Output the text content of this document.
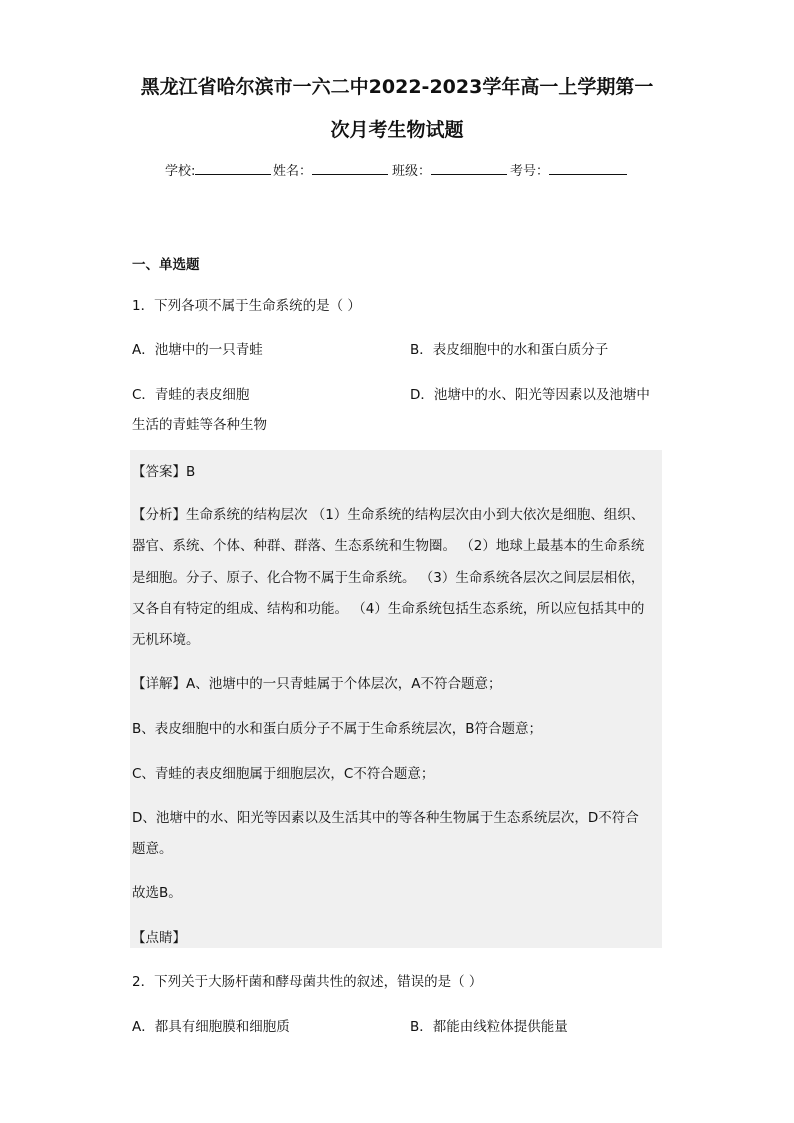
黑龙江省哈尔滨市一六二中2022-2023学年高一上学期第一
次月考生物试题
学校:	姓名：	班级：	考号：
一、单选题
1．下列各项不属于生命系统的是（ ）
A．池塘中的一只青蛙	B．表皮细胞中的水和蛋白质分子
C．青蛙的表皮细胞	D．池塘中的水、阳光等因素以及池塘中
生活的青蛙等各种生物
【答案】B
【分析】生命系统的结构层次 （1）生命系统的结构层次由小到大依次是细胞、组织、
器官、系统、个体、种群、群落、生态系统和生物圈。 （2）地球上最基本的生命系统
是细胞。分子、原子、化合物不属于生命系统。 （3）生命系统各层次之间层层相依，
又各自有特定的组成、结构和功能。 （4）生命系统包括生态系统，所以应包括其中的
无机环境。
【详解】A、池塘中的一只青蛙属于个体层次，A不符合题意；
B、表皮细胞中的水和蛋白质分子不属于生命系统层次，B符合题意；
C、青蛙的表皮细胞属于细胞层次，C不符合题意；
D、池塘中的水、阳光等因素以及生活其中的等各种生物属于生态系统层次，D不符合
题意。
故选B。
【点睛】
2．下列关于大肠杆菌和酵母菌共性的叙述，错误的是（ ）
A．都具有细胞膜和细胞质	B．都能由线粒体提供能量
